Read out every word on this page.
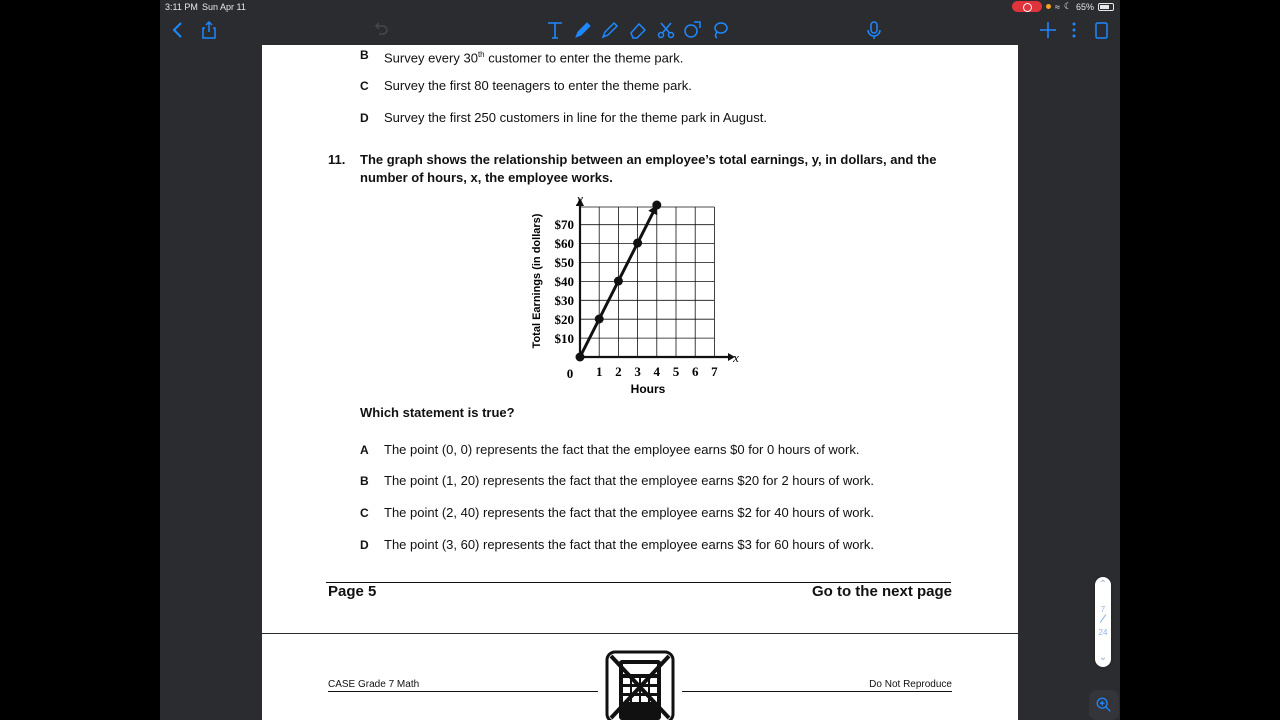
3:11 PM Sun Apr 11	≈ ☾ 65%
B	Survey every 30th customer to enter the theme park.
C	Survey the first 80 teenagers to enter the theme park.
D	Survey the first 250 customers in line for the theme park in August.
11. The graph shows the relationship between an employee’s total earnings, y, in dollars, and the
number of hours, x, the employee works.
1 2 3 4 5 6 7
$10
$20
$30
$40
$50
$60
$70
Total Earnings (in dollars)
Hours
y
x
0
Which statement is true?
A	The point (0, 0) represents the fact that the employee earns $0 for 0 hours of work.
B	The point (1, 20) represents the fact that the employee earns $20 for 2 hours of work.
C	The point (2, 40) represents the fact that the employee earns $2 for 40 hours of work.
D	The point (3, 60) represents the fact that the employee earns $3 for 60 hours of work.
Page 5	Go to the next page
CASE Grade 7 Math	Do Not Reproduce
⌃
7
24
⌄
